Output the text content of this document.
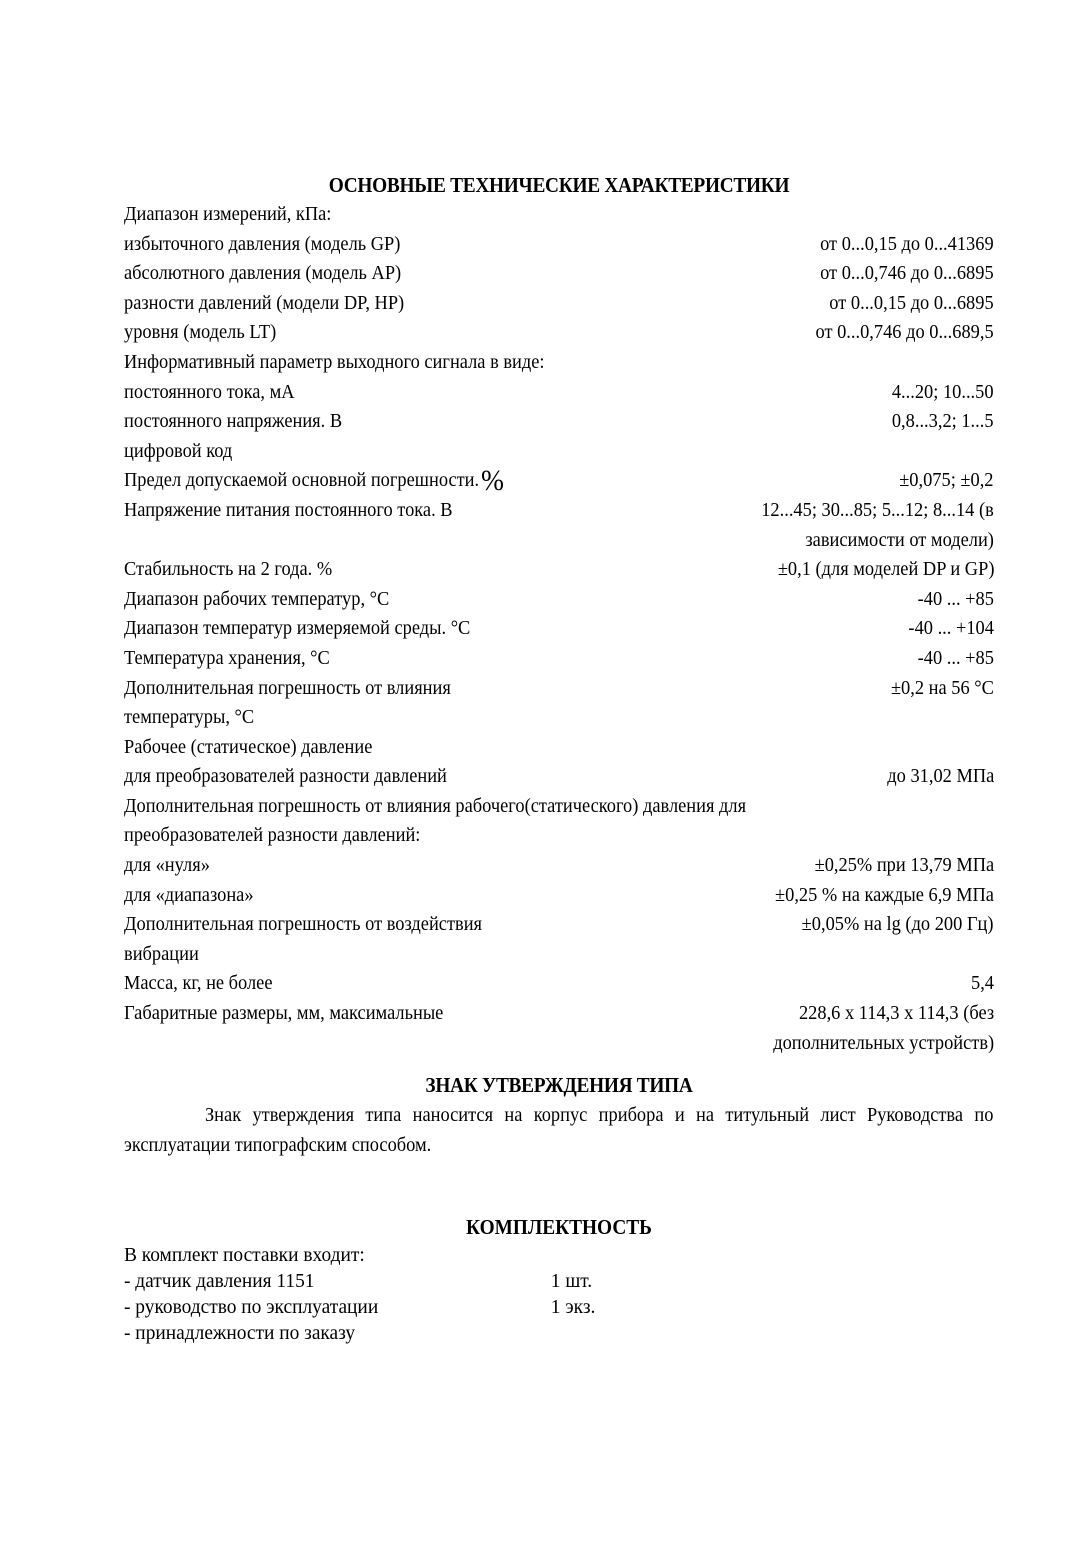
ОСНОВНЫЕ ТЕХНИЧЕСКИЕ ХАРАКТЕРИСТИКИ
Диапазон измерений, кПа:
избыточного давления (модель GP)	от 0...0,15 до 0...41369
абсолютного давления (модель AP)	от 0...0,746 до 0...6895
разности давлений (модели DP, HP)	от 0...0,15 до 0...6895
уровня (модель LT)	от 0...0,746 до 0...689,5
Информативный параметр выходного сигнала в виде:
постоянного тока, мА	4...20; 10...50
постоянного напряжения. В	0,8...3,2; 1...5
цифровой код
Предел допускаемой основной погрешности.%	±0,075; ±0,2
Напряжение питания постоянного тока. В	12...45; 30...85; 5...12; 8...14 (в
зависимости от модели)
Стабильность на 2 года. %	±0,1 (для моделей DP и GP)
Диапазон рабочих температур, °С	-40 ... +85
Диапазон температур измеряемой среды. °С	-40 ... +104
Температура хранения, °С	-40 ... +85
Дополнительная погрешность от влияния	±0,2 на 56 °С
температуры, °С
Рабочее (статическое) давление
для преобразователей разности давлений	до 31,02 МПа
Дополнительная погрешность от влияния рабочего(статического) давления для
преобразователей разности давлений:
для «нуля»	±0,25% при 13,79 МПа
для «диапазона»	±0,25 % на каждые 6,9 МПа
Дополнительная погрешность от воздействия	±0,05% на lg (до 200 Гц)
вибрации
Масса, кг, не более	5,4
Габаритные размеры, мм, максимальные	228,6 x 114,3 x 114,3 (без
дополнительных устройств)
ЗНАК УТВЕРЖДЕНИЯ ТИПА
Знак утверждения типа наносится на корпус прибора и на титульный лист Руководства по эксплуатации типографским способом.
КОМПЛЕКТНОСТЬ
В комплект поставки входит:
- датчик давления 1151	1 шт.
- руководство по эксплуатации	1 экз.
- принадлежности по заказу
